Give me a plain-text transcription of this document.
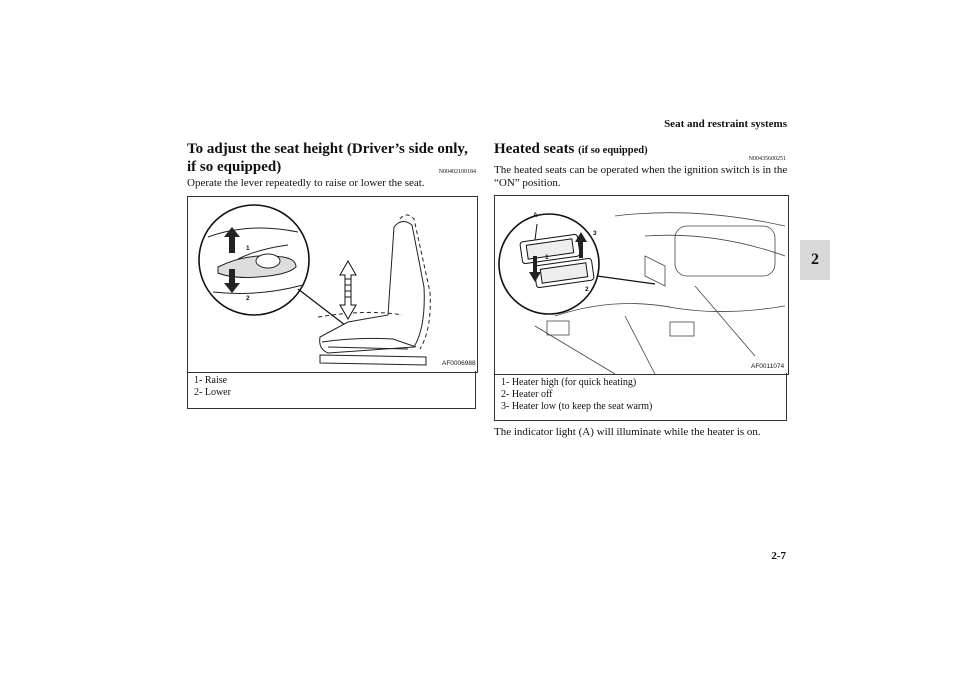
Seat and restraint systems
2
To adjust the seat height (Driver’s side only, if so equipped)	N00402100184
Operate the lever repeatedly to raise or lower the seat.
1
2
AF0006988
1- Raise
2- Lower
Heated seats (if so equipped)
N00435600251
The heated seats can be operated when the ignition switch is in the “ON” position.
A
1
2
3
AF0011074
1- Heater high (for quick heating)
2- Heater off
3- Heater low (to keep the seat warm)
The indicator light (A) will illuminate while the heater is on.
2-7
